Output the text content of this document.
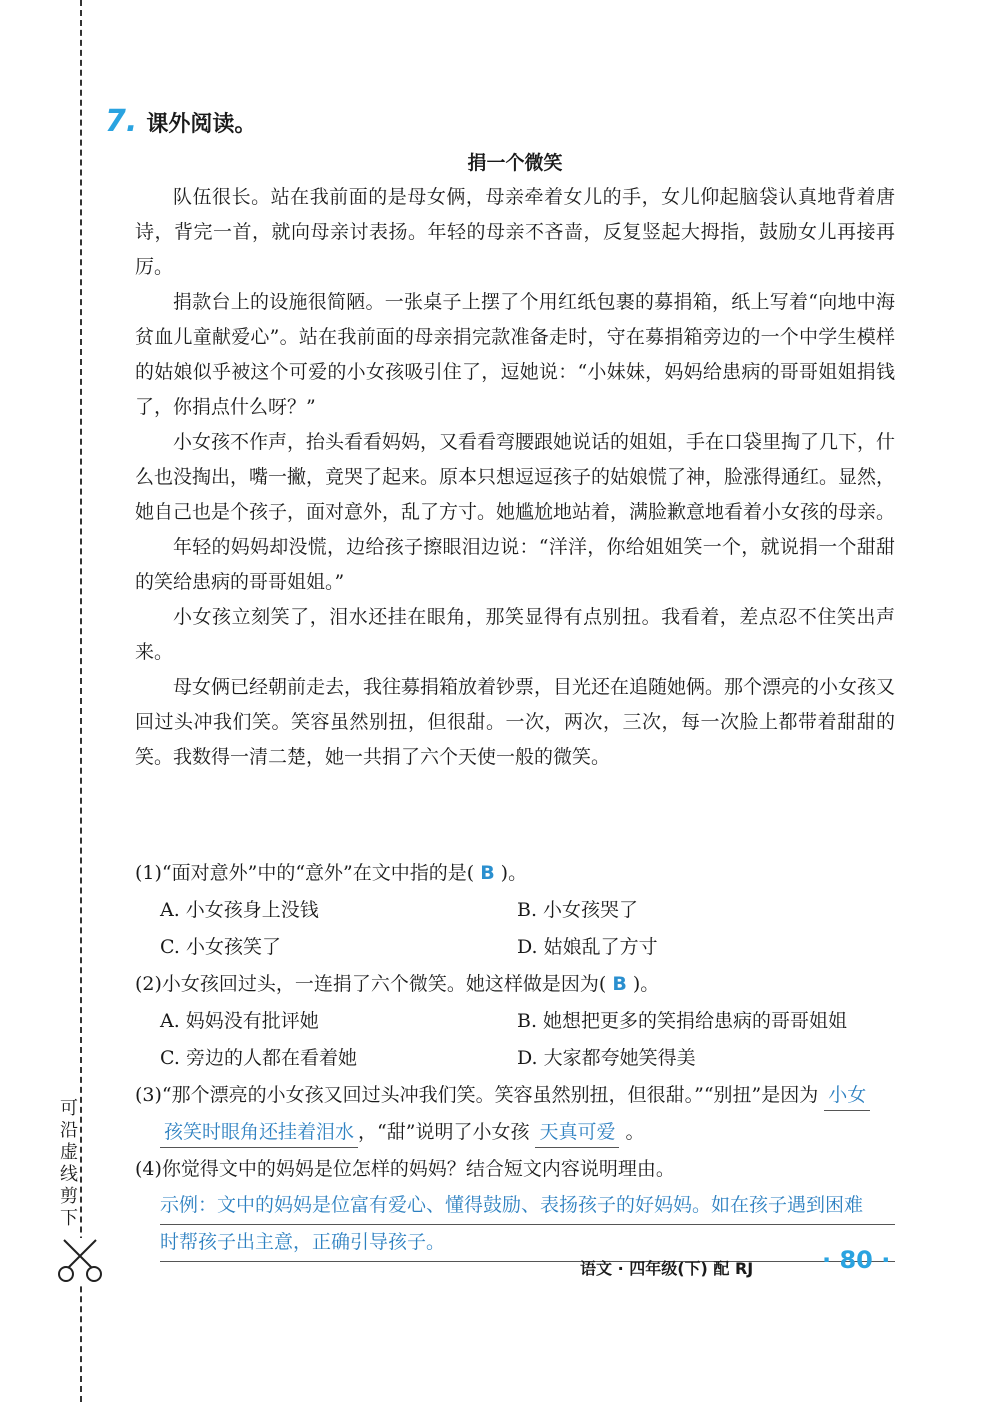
可
沿
虚
线
剪
下
7. 课外阅读。
捐一个微笑

队伍很长。站在我前面的是母女俩，母亲牵着女儿的手，女儿仰起脑袋认真地背着唐诗，背完一首，就向母亲讨表扬。年轻的母亲不吝啬，反复竖起大拇指，鼓励女儿再接再厉。

捐款台上的设施很简陋。一张桌子上摆了个用红纸包裹的募捐箱，纸上写着“向地中海贫血儿童献爱心”。站在我前面的母亲捐完款准备走时，守在募捐箱旁边的一个中学生模样的姑娘似乎被这个可爱的小女孩吸引住了，逗她说：“小妹妹，妈妈给患病的哥哥姐姐捐钱了，你捐点什么呀？”

小女孩不作声，抬头看看妈妈，又看看弯腰跟她说话的姐姐，手在口袋里掏了几下，什么也没掏出，嘴一撇，竟哭了起来。原本只想逗逗孩子的姑娘慌了神，脸涨得通红。显然，她自己也是个孩子，面对意外，乱了方寸。她尴尬地站着，满脸歉意地看着小女孩的母亲。

年轻的妈妈却没慌，边给孩子擦眼泪边说：“洋洋，你给姐姐笑一个，就说捐一个甜甜的笑给患病的哥哥姐姐。”

小女孩立刻笑了，泪水还挂在眼角，那笑显得有点别扭。我看着，差点忍不住笑出声来。

母女俩已经朝前走去，我往募捐箱放着钞票，目光还在追随她俩。那个漂亮的小女孩又回过头冲我们笑。笑容虽然别扭，但很甜。一次，两次，三次，每一次脸上都带着甜甜的笑。我数得一清二楚，她一共捐了六个天使一般的微笑。

(1)“面对意外”中的“意外”在文中指的是( B )。

A. 小女孩身上没钱	B. 小女孩哭了
C. 小女孩笑了	D. 姑娘乱了方寸

(2)小女孩回过头，一连捐了六个微笑。她这样做是因为( B )。

A. 妈妈没有批评她	B. 她想把更多的笑捐给患病的哥哥姐姐
C. 旁边的人都在看着她	D. 大家都夸她笑得美

(3)“那个漂亮的小女孩又回过头冲我们笑。笑容虽然别扭，但很甜。”“别扭”是因为 小女

孩笑时眼角还挂着泪水 ，“甜”说明了小女孩 天真可爱 。

(4)你觉得文中的妈妈是位怎样的妈妈？结合短文内容说明理由。

示例：文中的妈妈是位富有爱心、懂得鼓励、表扬孩子的好妈妈。如在孩子遇到困难
时帮孩子出主意，正确引导孩子。
语文 · 四年级(下) 配 RJ	· 80 ·
